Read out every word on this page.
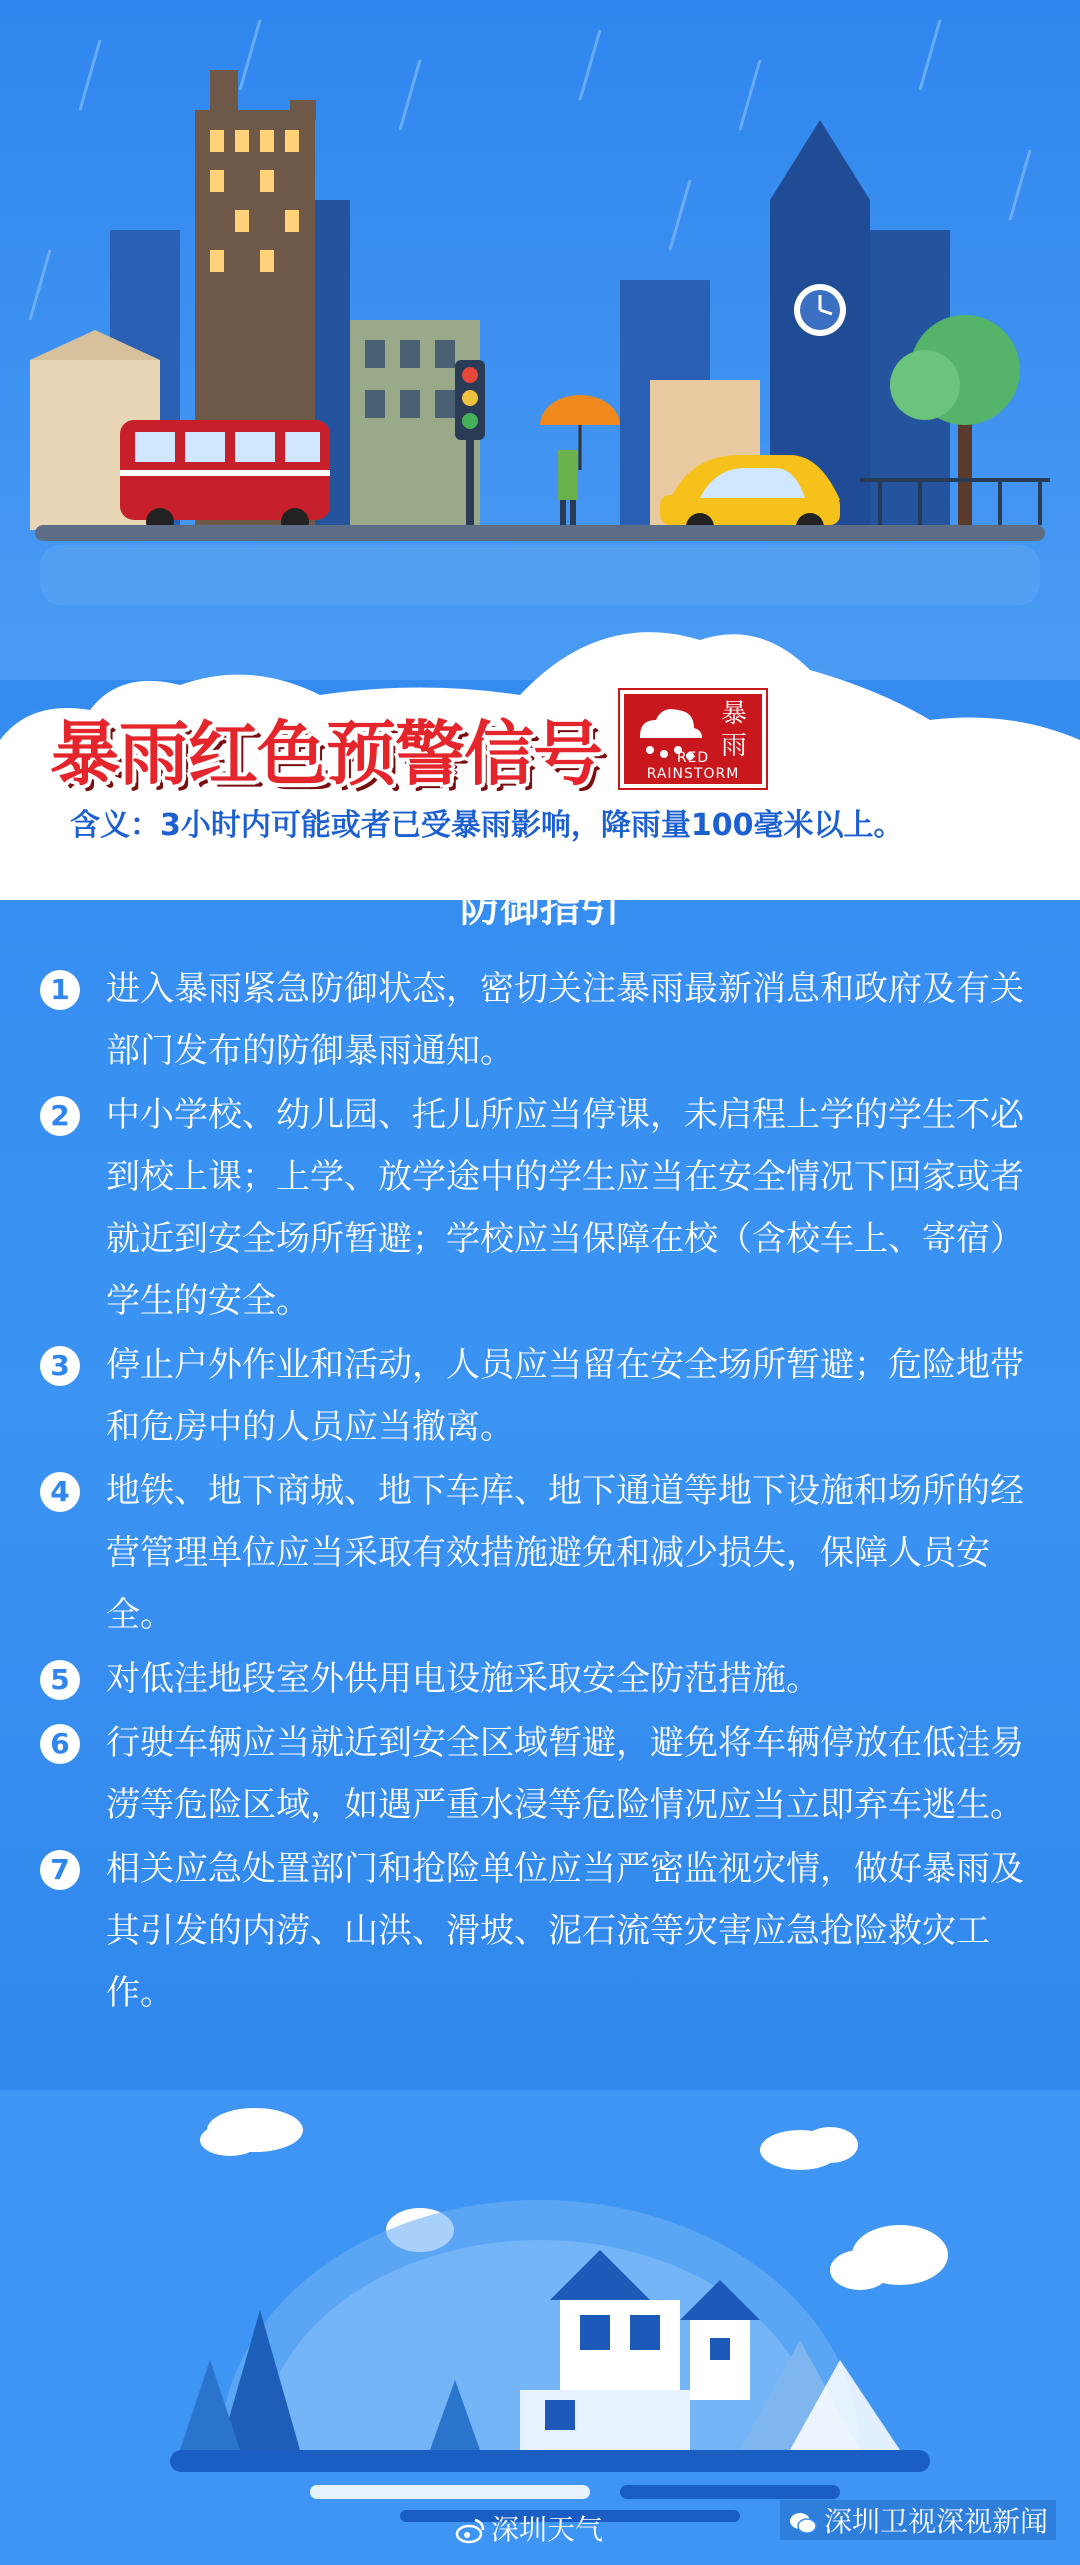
暴雨红色预警信号	暴雨
RED RAINSTORM
含义：3小时内可能或者已受暴雨影响，降雨量100毫米以上。
防御指引
1	进入暴雨紧急防御状态，密切关注暴雨最新消息和政府及有关部门发布的防御暴雨通知。
2	中小学校、幼儿园、托儿所应当停课，未启程上学的学生不必到校上课；上学、放学途中的学生应当在安全情况下回家或者就近到安全场所暂避；学校应当保障在校（含校车上、寄宿）学生的安全。
3	停止户外作业和活动，人员应当留在安全场所暂避；危险地带和危房中的人员应当撤离。
4	地铁、地下商城、地下车库、地下通道等地下设施和场所的经营管理单位应当采取有效措施避免和减少损失，保障人员安全。
5	对低洼地段室外供用电设施采取安全防范措施。
6	行驶车辆应当就近到安全区域暂避，避免将车辆停放在低洼易涝等危险区域，如遇严重水浸等危险情况应当立即弃车逃生。
7	相关应急处置部门和抢险单位应当严密监视灾情，做好暴雨及其引发的内涝、山洪、滑坡、泥石流等灾害应急抢险救灾工作。
深圳天气	深圳卫视深视新闻
